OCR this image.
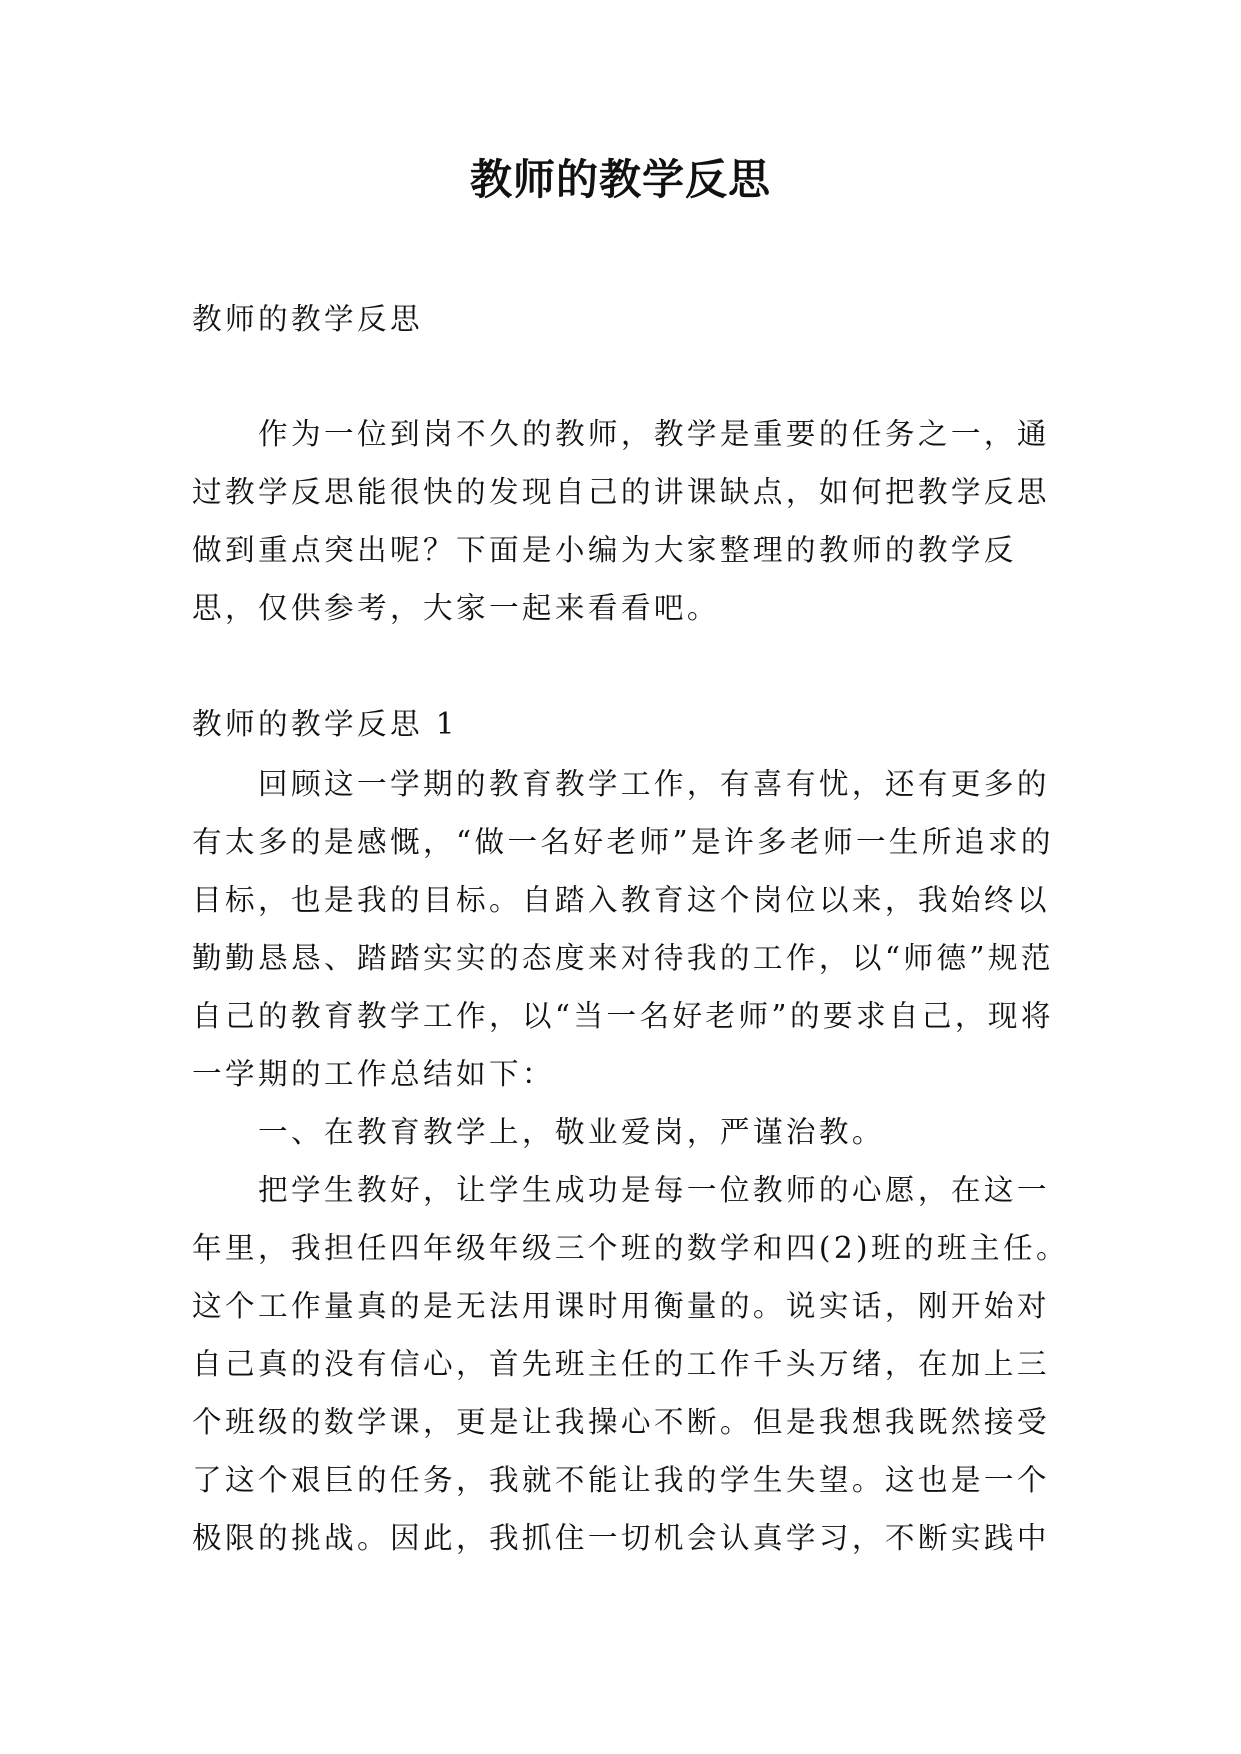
教师的教学反思
教师的教学反思

作为一位到岗不久的教师，教学是重要的任务之一，通过教学反思能很快的发现自己的讲课缺点，如何把教学反思做到重点突出呢？下面是小编为大家整理的教师的教学反思，仅供参考，大家一起来看看吧。

教师的教学反思 1

回顾这一学期的教育教学工作，有喜有忧，还有更多的有太多的是感慨，“做一名好老师”是许多老师一生所追求的目标，也是我的目标。自踏入教育这个岗位以来，我始终以勤勤恳恳、踏踏实实的态度来对待我的工作，以“师德”规范自己的教育教学工作，以“当一名好老师”的要求自己，现将一学期的工作总结如下：

一、在教育教学上，敬业爱岗，严谨治教。

把学生教好，让学生成功是每一位教师的心愿，在这一年里，我担任四年级年级三个班的数学和四(2)班的班主任。这个工作量真的是无法用课时用衡量的。说实话，刚开始对自己真的没有信心，首先班主任的工作千头万绪，在加上三个班级的数学课，更是让我操心不断。但是我想我既然接受了这个艰巨的任务，我就不能让我的学生失望。这也是一个极限的挑战。因此，我抓住一切机会认真学习，不断实践中
